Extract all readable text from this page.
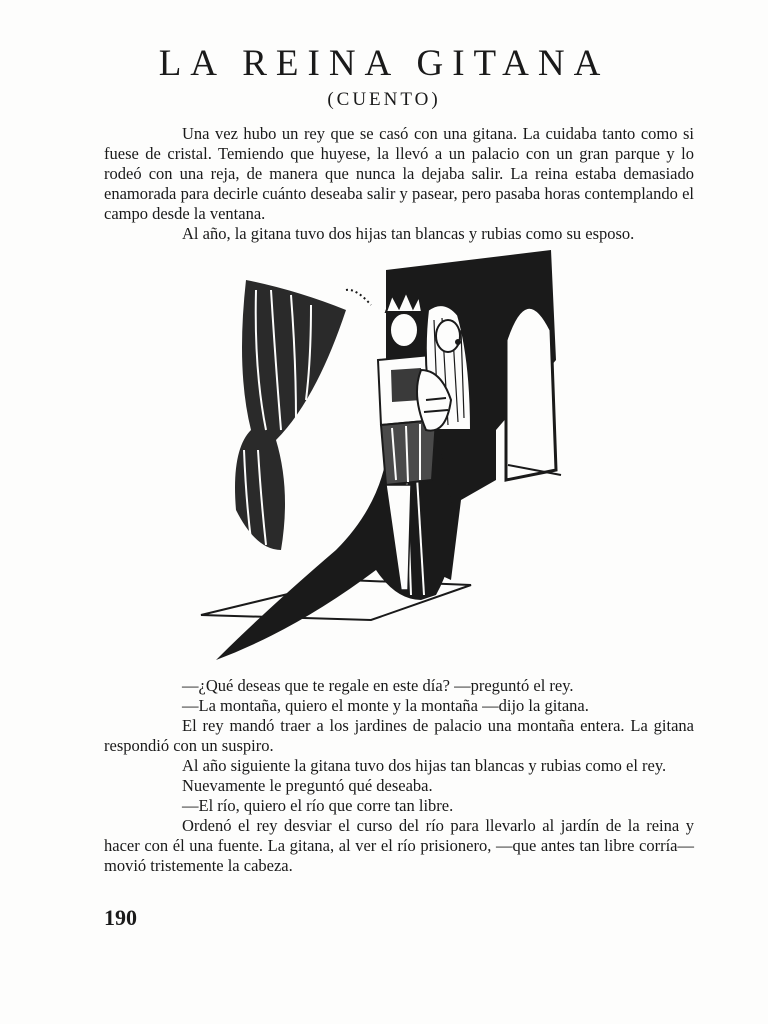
LA REINA GITANA
(CUENTO)

Una vez hubo un rey que se casó con una gitana. La cuidaba tanto como si fuese de cristal. Temiendo que huyese, la llevó a un palacio con un gran parque y lo rodeó con una reja, de manera que nunca la dejaba salir. La reina estaba demasiado enamorada para decirle cuánto deseaba salir y pasear, pero pasaba horas contemplando el campo desde la ventana.

Al año, la gitana tuvo dos hijas tan blancas y rubias como su esposo.

—¿Qué deseas que te regale en este día? —preguntó el rey.

—La montaña, quiero el monte y la montaña —dijo la gitana.

El rey mandó traer a los jardines de palacio una montaña entera. La gitana respondió con un suspiro.

Al año siguiente la gitana tuvo dos hijas tan blancas y rubias como el rey.

Nuevamente le preguntó qué deseaba.

—El río, quiero el río que corre tan libre.

Ordenó el rey desviar el curso del río para llevarlo al jardín de la reina y hacer con él una fuente. La gitana, al ver el río prisionero, —que antes tan libre corría— movió tristemente la cabeza.

190
